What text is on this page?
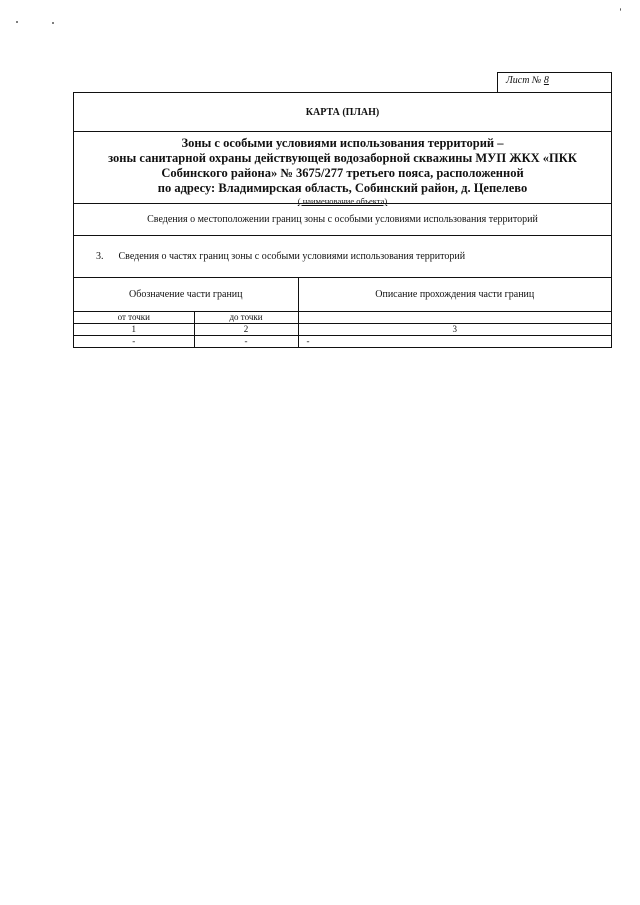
Лист № 8
КАРТА (ПЛАН)
Зоны с особыми условиями использования территорий –
зоны санитарной охраны действующей водозаборной скважины МУП ЖКХ «ПКК
Собинского района» № 3675/277 третьего пояса, расположенной
по адресу: Владимирская область, Собинский район, д. Цепелево
( наименование объекта)
Сведения о местоположении границ зоны с особыми условиями использования территорий
3. Сведения о частях границ зоны с особыми условиями использования территорий
Обозначение части границ		Описание прохождения части границ
от точки	до точки	
1	2	3
-	-	-
